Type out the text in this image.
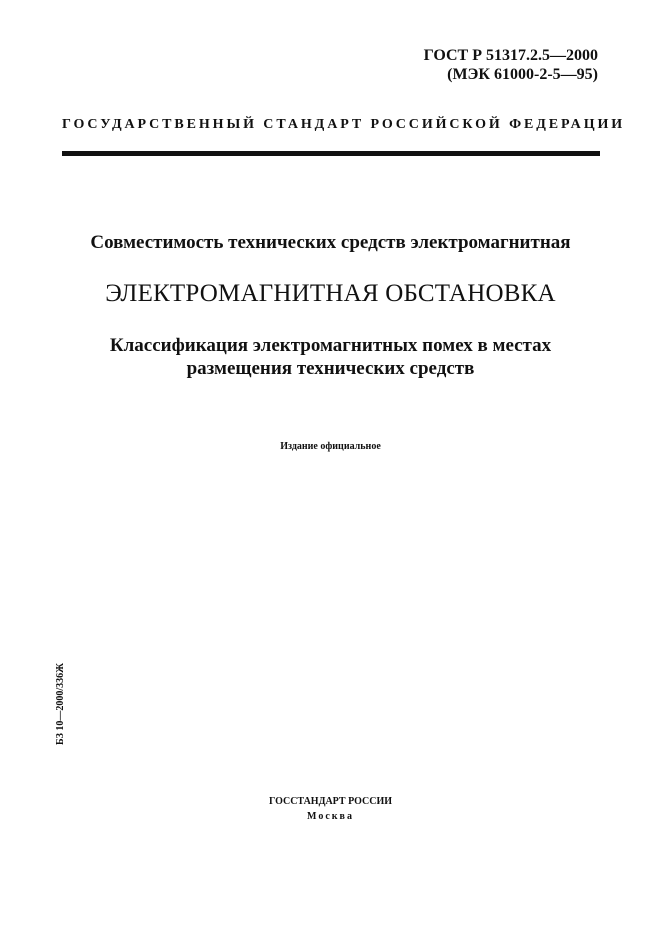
ГОСТ Р 51317.2.5—2000
(МЭК 61000-2-5—95)
ГОСУДАРСТВЕННЫЙ СТАНДАРТ РОССИЙСКОЙ ФЕДЕРАЦИИ
Совместимость технических средств электромагнитная
ЭЛЕКТРОМАГНИТНАЯ ОБСТАНОВКА
Классификация электромагнитных помех в местах
размещения технических средств
Издание официальное
БЗ 10—2000/336Ж
ГОССТАНДАРТ РОССИИ
Москва
